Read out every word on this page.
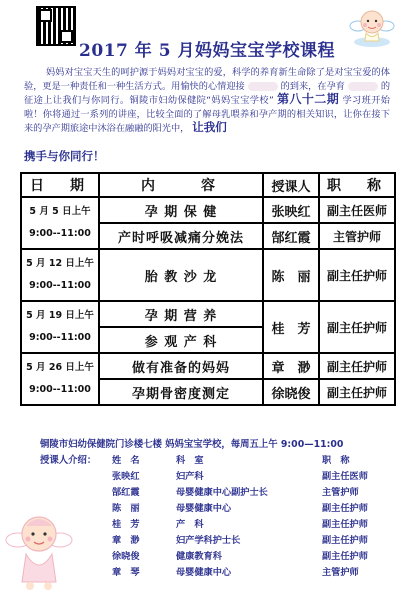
2017 年 5 月妈妈宝宝学校课程
妈妈对宝宝天生的呵护源于妈妈对宝宝的爱，科学的养育新生命除了是对宝宝爱的体验，更是一种责任和一种生活方式。用愉快的心情迎接	的到来，在孕育	的征途上让我们与你同行。铜陵市妇幼保健院“妈妈宝宝学校” 第八十二期 学习班开始啦！你将通过一系列的讲座，比较全面的了解母乳喂养和孕产期的相关知识，让你在接下来的孕产期旅途中沐浴在融融的阳光中， 让我们
携手与你同行！
日　期	内　　容	授课人	职　称

5 月 5 日上午
9:00--11:00	孕 期 保 健	张映红	副主任医师
	产时呼吸减痛分娩法	郜红霞	主管护师

5 月 12 日上午
9:00--11:00	胎 教 沙 龙	陈　丽	副主任护师

5 月 19 日上午
9:00--11:00	孕 期 营 养	桂　芳	副主任护师
	参 观 产 科		

5 月 26 日上午
9:00--11:00	做有准备的妈妈	章　渺	副主任护师
	孕期骨密度测定	徐晓俊	副主任护师
铜陵市妇幼保健院门诊楼七楼 妈妈宝宝学校，每周五上午 9:00—11:00
授课人介绍： 姓　名	科　室	职　称
张映红	妇产科	副主任医师
郜红霞	母婴健康中心副护士长	主管护师
陈　丽	母婴健康中心	副主任护师
桂　芳	产　科	副主任护师
章　渺	妇产学科护士长	副主任护师
徐晓俊	健康教育科	副主任护师
章　琴	母婴健康中心	主管护师
